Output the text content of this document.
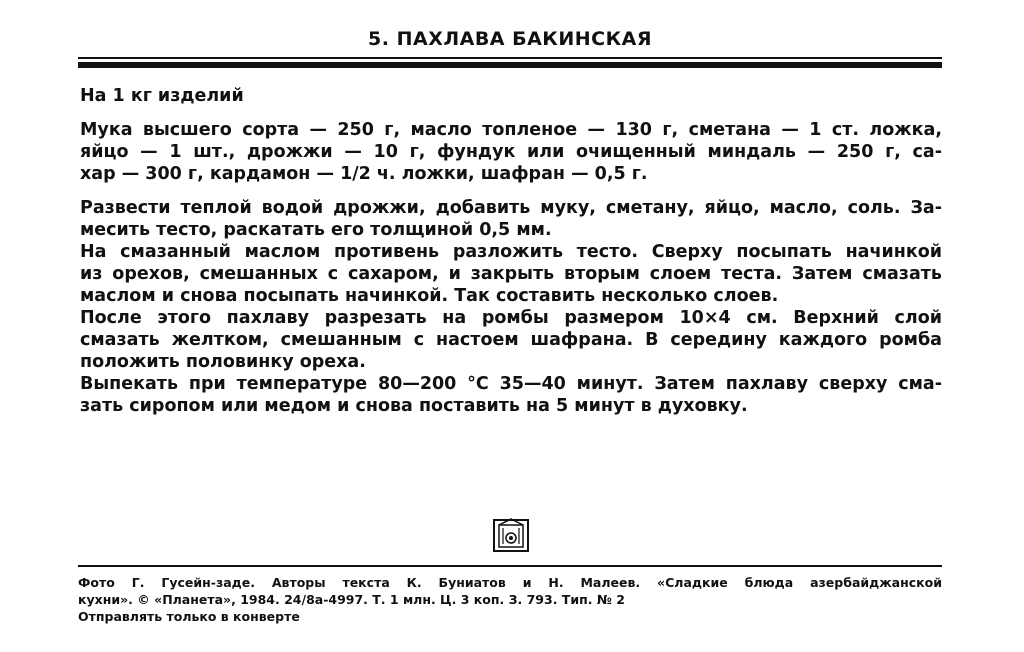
5. ПАХЛАВА БАКИНСКАЯ
На 1 кг изделий
Мука высшего сорта — 250 г, масло топленое — 130 г, сметана — 1 ст. ложка,
яйцо — 1 шт., дрожжи — 10 г, фундук или очищенный миндаль — 250 г, са-
хар — 300 г, кардамон — 1/2 ч. ложки, шафран — 0,5 г.
Развести теплой водой дрожжи, добавить муку, сметану, яйцо, масло, соль. За-
месить тесто, раскатать его толщиной 0,5 мм.
На смазанный маслом противень разложить тесто. Сверху посыпать начинкой
из орехов, смешанных с сахаром, и закрыть вторым слоем теста. Затем смазать
маслом и снова посыпать начинкой. Так составить несколько слоев.
После этого пахлаву разрезать на ромбы размером 10×4 см. Верхний слой
смазать желтком, смешанным с настоем шафрана. В середину каждого ромба
положить половинку ореха.
Выпекать при температуре 80—200 °С 35—40 минут. Затем пахлаву сверху сма-
зать сиропом или медом и снова поставить на 5 минут в духовку.
Фото Г. Гусейн-заде. Авторы текста К. Буниатов и Н. Малеев. «Сладкие блюда азербайджанской
кухни». © «Планета», 1984. 24/8а-4997. Т. 1 млн. Ц. 3 коп. З. 793. Тип. № 2
Отправлять только в конверте
